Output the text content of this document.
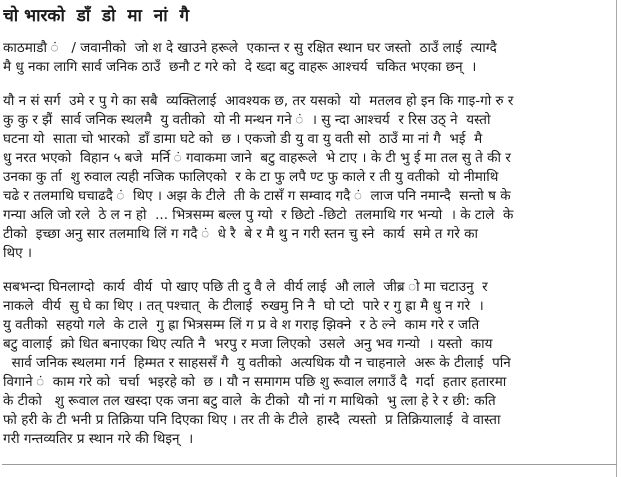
चो भारको  डाँ  डो  मा  नां  गै
काठमाडौ ं   / जवानीको  जो श दे खाउने हरूले  एकान्त र सु रक्षित स्थान घर जस्तो  ठाउँ लाई  त्याग्दै
मै धु नका लागि सार्व जनिक ठाउँ  छनौ ट गरे को  दे ख्दा बटु वाहरू आश्चर्य  चकित भएका छन्  ।
यौ न सं सर्ग  उमे र पु गे का सबै  व्यक्तिलाई  आवश्यक छ, तर यसको  यो  मतलव हो इन कि गाइ-गो रु र
कु कु र झैं  सार्व जनिक स्थलमै  यु वतीको  यो नी मन्थन गने ं  । सु न्दा आश्चर्य  र रिस उठ् ने  यस्तो
घटना यो  साता चो भारको  डाँ डामा घटे को  छ । एकजो डी यु वा यु वती सो  ठाउँ मा नां गै  भई  मै
धु नरत भएको  विहान ५ बजे  मर्नि ं गवाकमा जाने  बटु वाहरूले  भे टाए । के टी भु ई मा तल सु ते की र
उनका कु र्ता  शु रुवाल त्यही नजिक फालिएको  र के टा फु लपै ण्ट फु काले र ती यु वतीको  यो नीमाथि
चढे र तलमाथि घचाढदै ं  थिए । अझ के टीले  ती के टासँ ग सम्वाद गदै ं  लाज पनि नमान्दै  सन्तो ष के
गन्या अलि जो रले  ठे ल न हो  ... भित्रसम्म बल्ल पु ग्यो  र छिटो -छिटो  तलमाथि गर भन्यो  । के टाले  के
टीको  इच्छा अनु सार तलमाथि लिं ग गदै ं  धे रै  बे र मै थु न गरी स्तन चु स्ने  कार्य  समे त गरे का
थिए ।
सबभन्दा घिनलाग्दो  कार्य  वीर्य  पो खाए पछि ती दु वै ले  वीर्य लाई  औ लाले  जीब्र ो मा चटाउनु  र
नाकले  वीर्य  सु घे का थिए । तत् पश्चात्  के टीलाई  रुखमु नि नै  घो प्टो  पारे र गु ह्रा मै धु न गरे  ।
यु वतीको  सहयो गले  के टाले  गु ह्रा भित्रसम्म लिं ग प्र वे श गराइ झिक्ने  र ठे ल्ने  काम गरे र जति
बटु वालाई  क्रो धित बनाएका थिए त्यति नै  भरपु र मजा लिएको  उसले  अनु भव गन्यो  । यस्तो  काय
सार्व जनिक स्थलमा गर्न  हिम्मत र साहससँ गै  यु वतीको  अत्यधिक यौ न चाहनाले  अरू के टीलाई  पनि
विगाने ं  काम गरे को  चर्चा  भइरहे को  छ । यौ न समागम पछि शु रूवाल लगाउँ दै  गर्दा  हतार हतारमा
के टीको   शु रूवाल तल खस्दा एक जना बटु वाले  के टीको  यौ नां ग माथिको  भु त्ला हे रे र छी: कति
फो हरी के टी भनी प्र तिक्रिया पनि दिएका थिए । तर ती के टीले  हास्दै  त्यस्तो  प्र तिक्रियालाई  वे वास्ता
गरी गन्तव्यतिर प्र स्थान गरे की थिइन्  ।
